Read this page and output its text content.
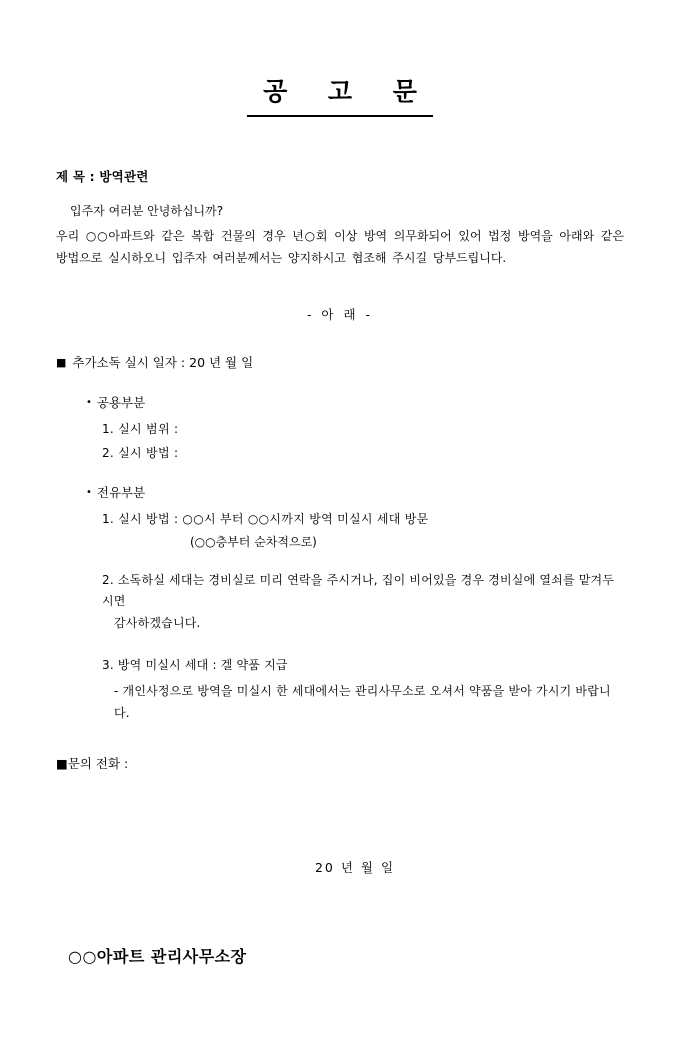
공 고 문
제 목 : 방역관련
입주자 여러분 안녕하십니까?
우리 ○○아파트와 같은 복합 건물의 경우 년○회 이상 방역 의무화되어 있어 법정 방역을 아래와 같은 방법으로 실시하오니 입주자 여러분께서는 양지하시고 협조해 주시길 당부드립니다.
- 아 래 -
■ 추가소독 실시 일자 : 20 년 월 일
• 공용부분
1. 실시 범위 :
2. 실시 방법 :
• 전유부분
1. 실시 방법 : ○○시 부터 ○○시까지 방역 미실시 세대 방문
(○○층부터 순차적으로)
2. 소독하실 세대는 경비실로 미리 연락을 주시거나, 집이 비어있을 경우 경비실에 열쇠를 맡겨두시면
감사하겠습니다.
3. 방역 미실시 세대 : 겔 약품 지급
- 개인사정으로 방역을 미실시 한 세대에서는 관리사무소로 오셔서 약품을 받아 가시기 바랍니다.
■문의 전화 :
20 년 월 일
○○아파트 관리사무소장
